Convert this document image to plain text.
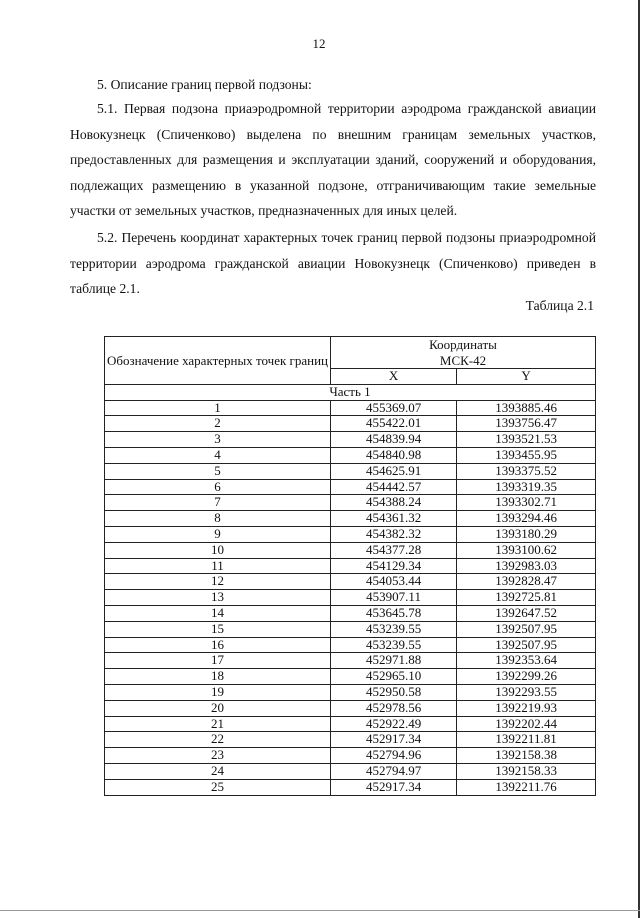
12

5. Описание границ первой подзоны:

5.1. Первая подзона приаэродромной территории аэродрома гражданской авиации Новокузнецк (Спиченково) выделена по внешним границам земельных участков, предоставленных для размещения и эксплуатации зданий, сооружений и оборудования, подлежащих размещению в указанной подзоне, отграничивающим такие земельные участки от земельных участков, предназначенных для иных целей.

5.2. Перечень координат характерных точек границ первой подзоны приаэродромной территории аэродрома гражданской авиации Новокузнецк (Спиченково) приведен в таблице 2.1.

Таблица 2.1
Обозначение характерных точек границ	Координаты
МСК-42	

	X	Y
Часть 1		
1	455369.07	1393885.46
2	455422.01	1393756.47
3	454839.94	1393521.53
4	454840.98	1393455.95
5	454625.91	1393375.52
6	454442.57	1393319.35
7	454388.24	1393302.71
8	454361.32	1393294.46
9	454382.32	1393180.29
10	454377.28	1393100.62
11	454129.34	1392983.03
12	454053.44	1392828.47
13	453907.11	1392725.81
14	453645.78	1392647.52
15	453239.55	1392507.95
16	453239.55	1392507.95
17	452971.88	1392353.64
18	452965.10	1392299.26
19	452950.58	1392293.55
20	452978.56	1392219.93
21	452922.49	1392202.44
22	452917.34	1392211.81
23	452794.96	1392158.38
24	452794.97	1392158.33
25	452917.34	1392211.76
